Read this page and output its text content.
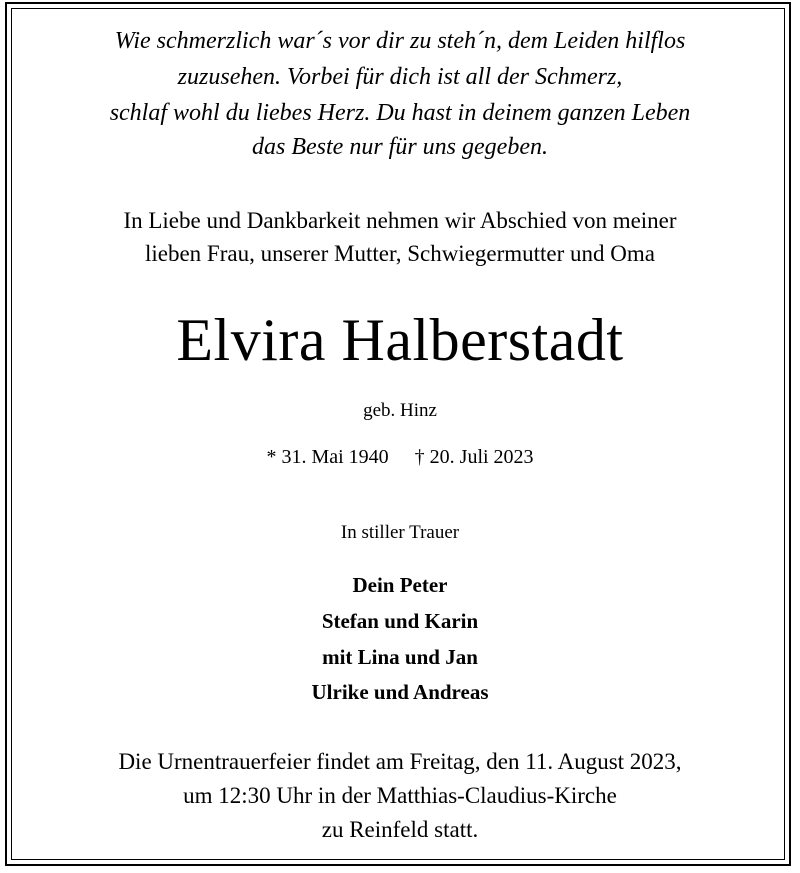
Wie schmerzlich war´s vor dir zu steh´n, dem Leiden hilflos
zuzusehen. Vorbei für dich ist all der Schmerz,
schlaf wohl du liebes Herz. Du hast in deinem ganzen Leben
das Beste nur für uns gegeben.
In Liebe und Dankbarkeit nehmen wir Abschied von meiner
lieben Frau, unserer Mutter, Schwiegermutter und Oma
Elvira Halberstadt
geb. Hinz
* 31. Mai 1940 † 20. Juli 2023
In stiller Trauer
Dein Peter
Stefan und Karin
mit Lina und Jan
Ulrike und Andreas
Die Urnentrauerfeier findet am Freitag, den 11. August 2023,
um 12:30 Uhr in der Matthias-Claudius-Kirche
zu Reinfeld statt.
